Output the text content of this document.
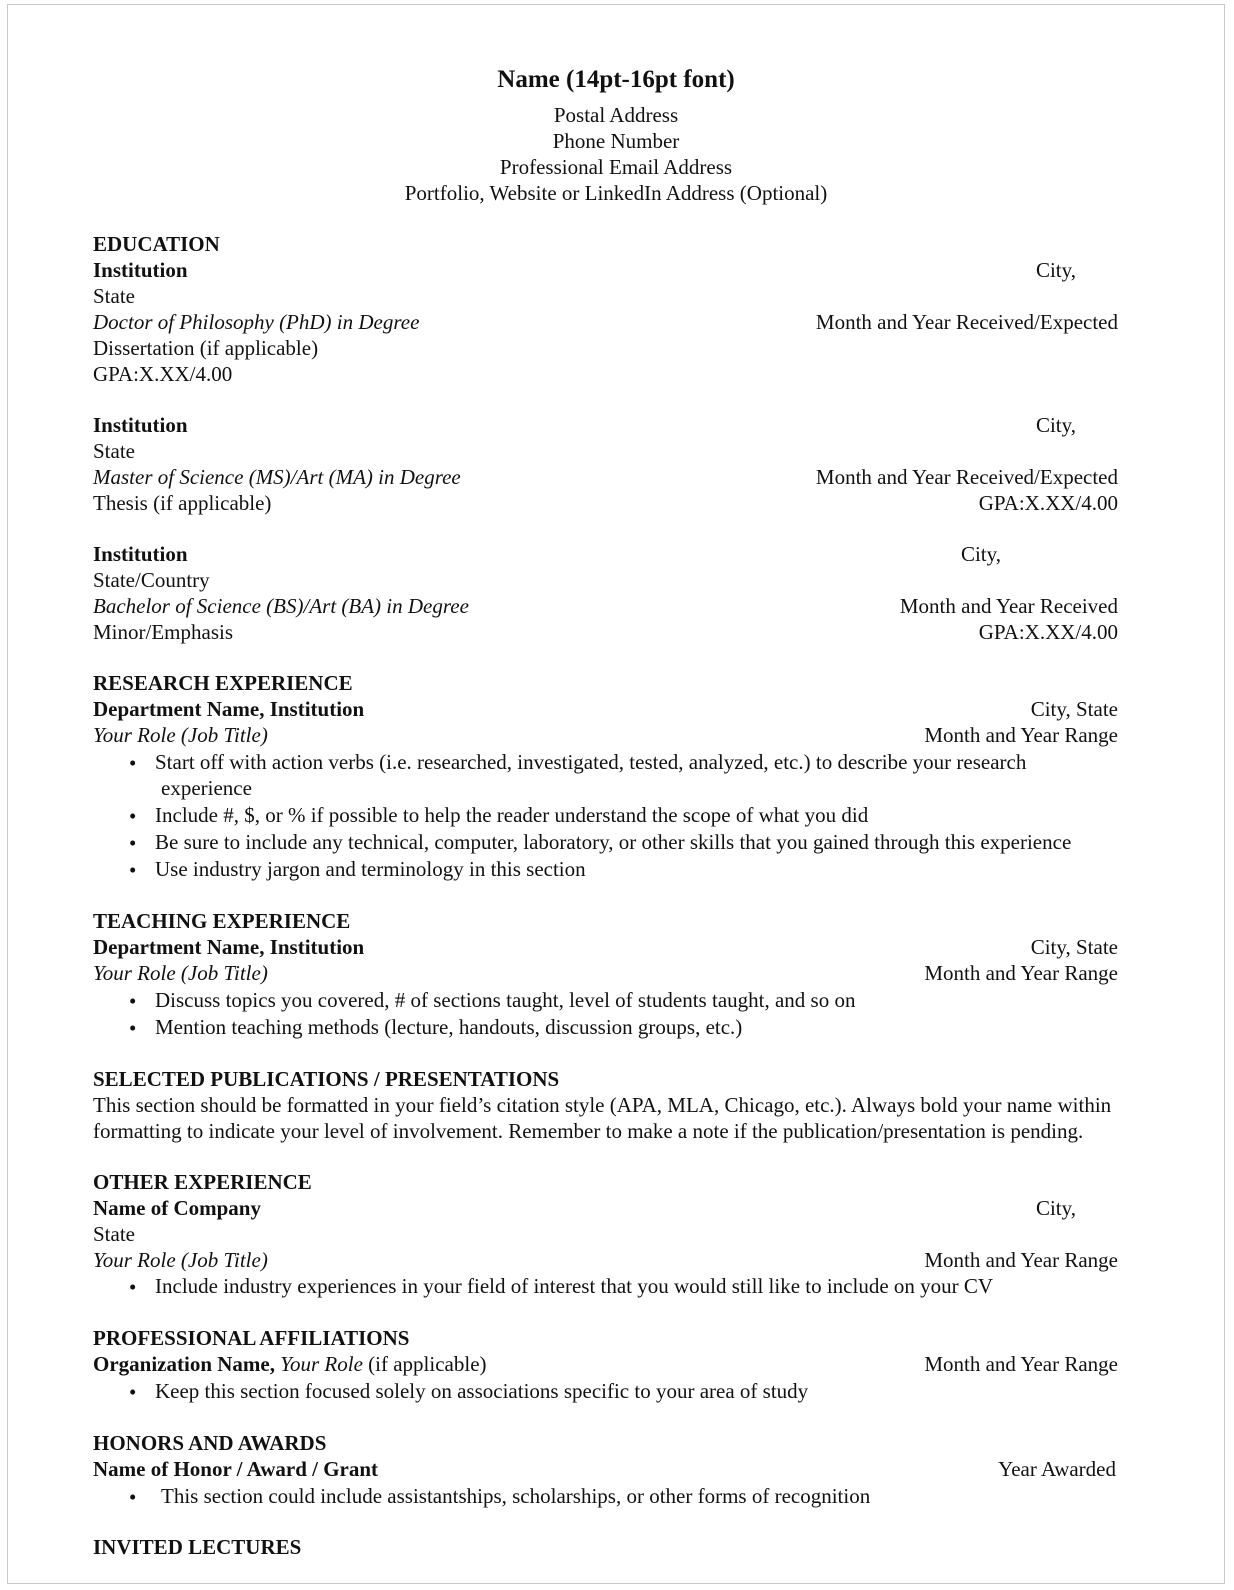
Name (14pt-16pt font)
Postal Address
Phone Number
Professional Email Address
Portfolio, Website or LinkedIn Address (Optional)
EDUCATION
Institution	City,
State
Doctor of Philosophy (PhD) in Degree	Month and Year Received/Expected
Dissertation (if applicable)
GPA:X.XX/4.00
Institution	City,
State
Master of Science (MS)/Art (MA) in Degree	Month and Year Received/Expected
Thesis (if applicable)	GPA:X.XX/4.00
Institution	City,
State/Country
Bachelor of Science (BS)/Art (BA) in Degree	Month and Year Received
Minor/Emphasis	GPA:X.XX/4.00
RESEARCH EXPERIENCE
Department Name, Institution	City, State
Your Role (Job Title)	Month and Year Range
• Start off with action verbs (i.e. researched, investigated, tested, analyzed, etc.) to describe your research
experience
• Include #, $, or % if possible to help the reader understand the scope of what you did
• Be sure to include any technical, computer, laboratory, or other skills that you gained through this experience
• Use industry jargon and terminology in this section
TEACHING EXPERIENCE
Department Name, Institution	City, State
Your Role (Job Title)	Month and Year Range
• Discuss topics you covered, # of sections taught, level of students taught, and so on
• Mention teaching methods (lecture, handouts, discussion groups, etc.)
SELECTED PUBLICATIONS / PRESENTATIONS
This section should be formatted in your field’s citation style (APA, MLA, Chicago, etc.). Always bold your name within
formatting to indicate your level of involvement. Remember to make a note if the publication/presentation is pending.
OTHER EXPERIENCE
Name of Company	City,
State
Your Role (Job Title)	Month and Year Range
• Include industry experiences in your field of interest that you would still like to include on your CV
PROFESSIONAL AFFILIATIONS
Organization Name, Your Role (if applicable)	Month and Year Range
• Keep this section focused solely on associations specific to your area of study
HONORS AND AWARDS
Name of Honor / Award / Grant	Year Awarded
•	This section could include assistantships, scholarships, or other forms of recognition
INVITED LECTURES
